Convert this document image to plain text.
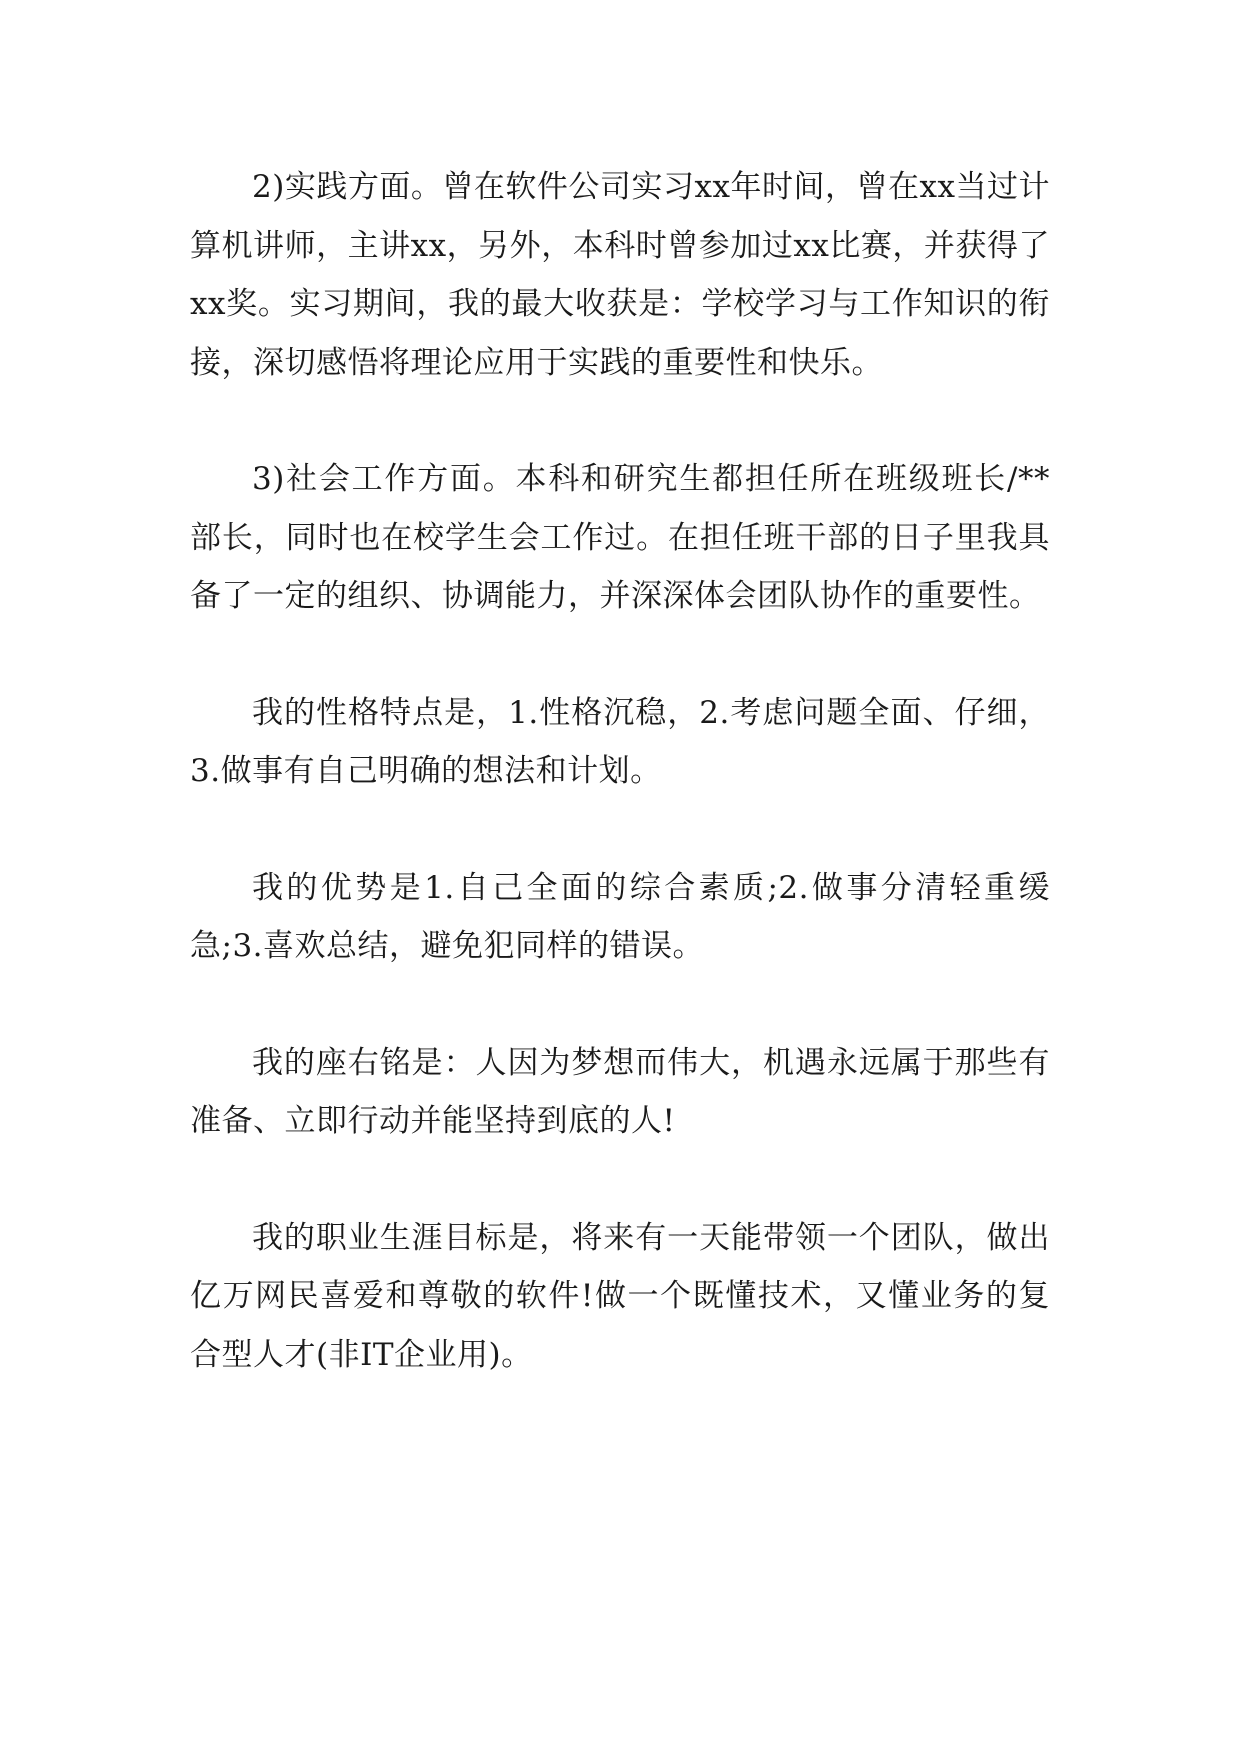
2)实践方面。曾在软件公司实习xx年时间，曾在xx当过计算机讲师，主讲xx，另外，本科时曾参加过xx比赛，并获得了xx奖。实习期间，我的最大收获是：学校学习与工作知识的衔接，深切感悟将理论应用于实践的重要性和快乐。

3)社会工作方面。本科和研究生都担任所在班级班长/**部长，同时也在校学生会工作过。在担任班干部的日子里我具备了一定的组织、协调能力，并深深体会团队协作的重要性。

我的性格特点是，1.性格沉稳，2.考虑问题全面、仔细，3.做事有自己明确的想法和计划。

我的优势是1.自己全面的综合素质;2.做事分清轻重缓急;3.喜欢总结，避免犯同样的错误。

我的座右铭是：人因为梦想而伟大，机遇永远属于那些有准备、立即行动并能坚持到底的人!

我的职业生涯目标是，将来有一天能带领一个团队，做出亿万网民喜爱和尊敬的软件!做一个既懂技术，又懂业务的复合型人才(非IT企业用)。
